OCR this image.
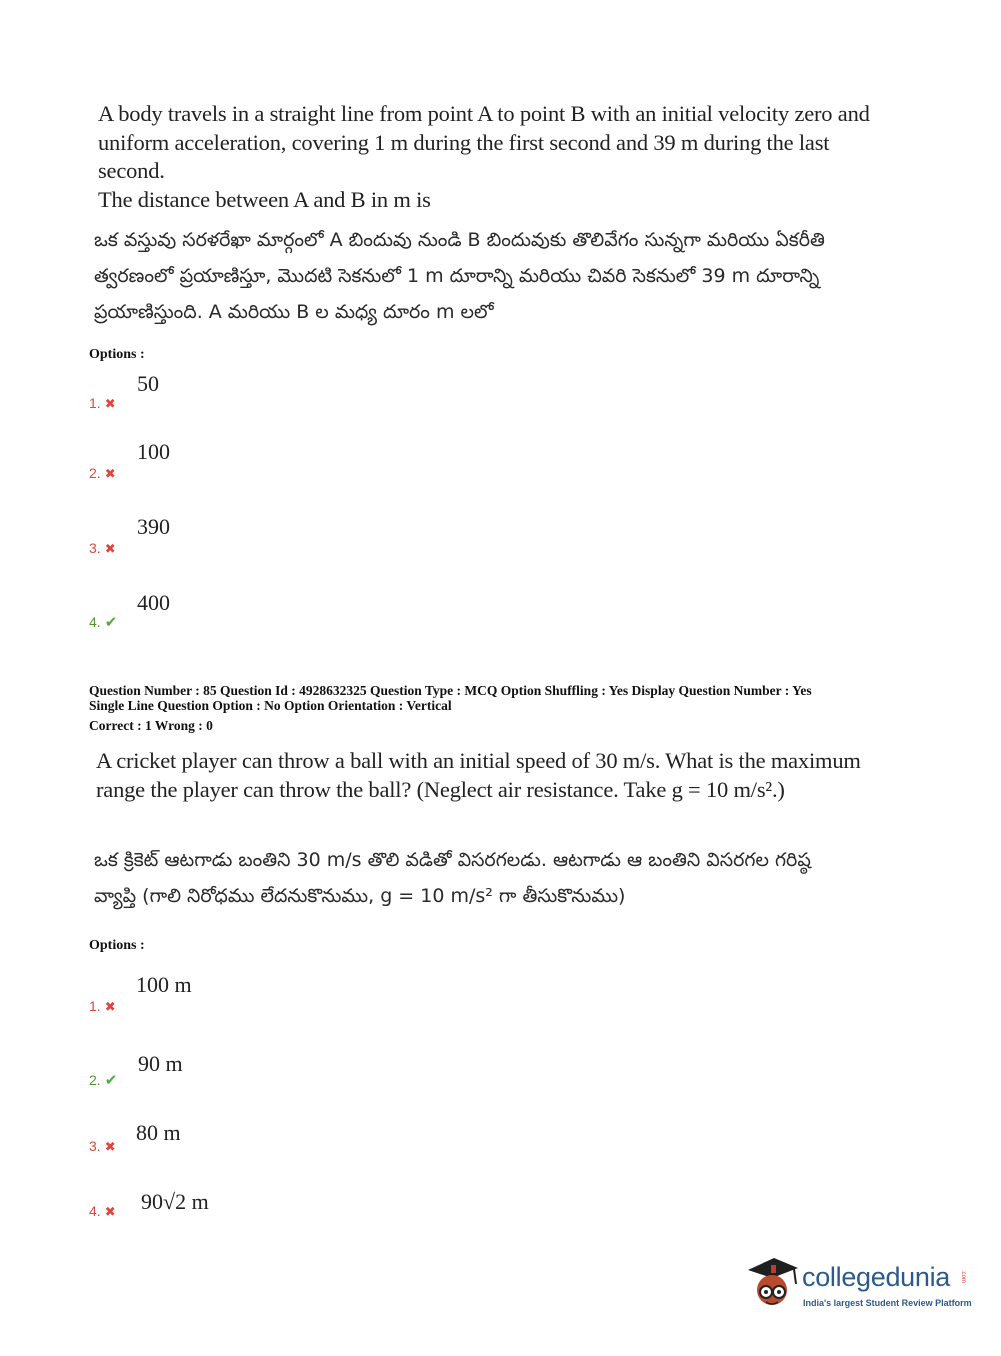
A body travels in a straight line from point A to point B with an initial velocity zero and
uniform acceleration, covering 1 m during the first second and 39 m during the last second.
The distance between A and B in m is
ఒక వస్తువు సరళరేఖా మార్గంలో A బిందువు నుండి B బిందువుకు తొలివేగం సున్నగా మరియు ఏకరీతి
త్వరణంలో ప్రయాణిస్తూ, మొదటి సెకనులో 1 m దూరాన్ని మరియు చివరి సెకనులో 39 m దూరాన్ని
ప్రయాణిస్తుంది. A మరియు B ల మధ్య దూరం m లలో
Options :
50
1. ✖
100
2. ✖
390
3. ✖
400
4. ✔
Question Number : 85 Question Id : 4928632325 Question Type : MCQ Option Shuffling : Yes Display Question Number : Yes
Single Line Question Option : No Option Orientation : Vertical
Correct : 1 Wrong : 0
A cricket player can throw a ball with an initial speed of 30 m/s. What is the maximum
range the player can throw the ball? (Neglect air resistance. Take g = 10 m/s².)
ఒక క్రికెట్ ఆటగాడు బంతిని 30 m/s తొలి వడితో విసరగలడు. ఆటగాడు ఆ బంతిని విసరగల గరిష్ఠ
వ్యాప్తి (గాలి నిరోధము లేదనుకొనుము, g = 10 m/s² గా తీసుకొనుము)
Options :
100 m
1. ✖
90 m
2. ✔
80 m
3. ✖
90√2 m
4. ✖
collegedunia .com
India's largest Student Review Platform
